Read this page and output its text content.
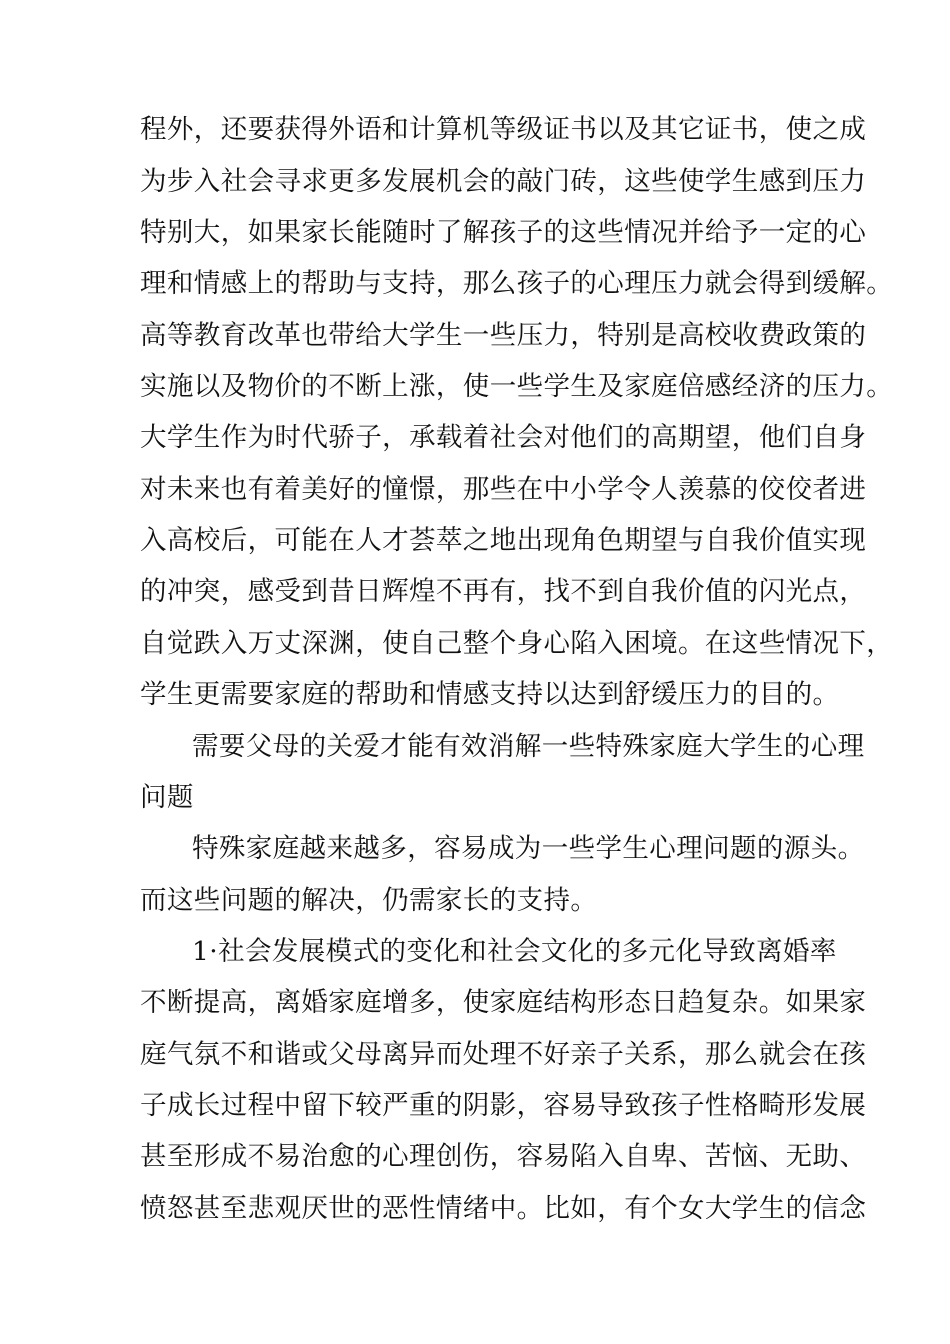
程外，还要获得外语和计算机等级证书以及其它证书，使之成
为步入社会寻求更多发展机会的敲门砖，这些使学生感到压力
特别大，如果家长能随时了解孩子的这些情况并给予一定的心
理和情感上的帮助与支持，那么孩子的心理压力就会得到缓解。
高等教育改革也带给大学生一些压力，特别是高校收费政策的
实施以及物价的不断上涨，使一些学生及家庭倍感经济的压力。
大学生作为时代骄子，承载着社会对他们的高期望，他们自身
对未来也有着美好的憧憬，那些在中小学令人羡慕的佼佼者进
入高校后，可能在人才荟萃之地出现角色期望与自我价值实现
的冲突，感受到昔日辉煌不再有，找不到自我价值的闪光点，
自觉跌入万丈深渊，使自己整个身心陷入困境。在这些情况下，
学生更需要家庭的帮助和情感支持以达到舒缓压力的目的。
需要父母的关爱才能有效消解一些特殊家庭大学生的心理
问题
特殊家庭越来越多，容易成为一些学生心理问题的源头。
而这些问题的解决，仍需家长的支持。
1·社会发展模式的变化和社会文化的多元化导致离婚率
不断提高，离婚家庭增多，使家庭结构形态日趋复杂。如果家
庭气氛不和谐或父母离异而处理不好亲子关系，那么就会在孩
子成长过程中留下较严重的阴影，容易导致孩子性格畸形发展
甚至形成不易治愈的心理创伤，容易陷入自卑、苦恼、无助、
愤怒甚至悲观厌世的恶性情绪中。比如，有个女大学生的信念
